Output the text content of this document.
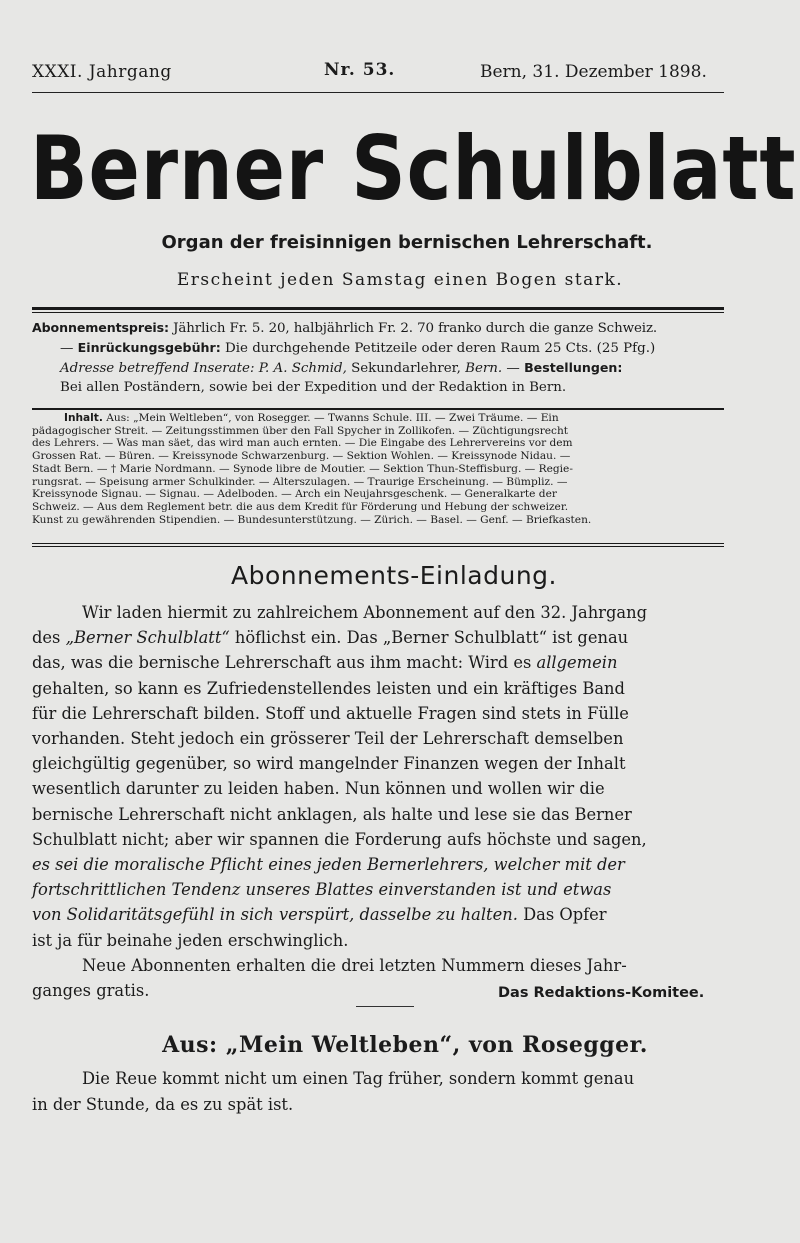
XXXI. Jahrgang	Nr. 53.	Bern, 31. Dezember 1898.
Berner Schulblatt
Organ der freisinnigen bernischen Lehrerschaft.
Erscheint jeden Samstag einen Bogen stark.
Abonnementspreis: Jährlich Fr. 5. 20, halbjährlich Fr. 2. 70 franko durch die ganze Schweiz.
— Einrückungsgebühr: Die durchgehende Petitzeile oder deren Raum 25 Cts. (25 Pfg.)
Adresse betreffend Inserate: P. A. Schmid, Sekundarlehrer, Bern. — Bestellungen:
Bei allen Poständern, sowie bei der Expedition und der Redaktion in Bern.
Inhalt. Aus: „Mein Weltleben“, von Rosegger. — Twanns Schule. III. — Zwei Träume. — Ein
pädagogischer Streit. — Zeitungsstimmen über den Fall Spycher in Zollikofen. — Züchtigungsrecht
des Lehrers. — Was man säet, das wird man auch ernten. — Die Eingabe des Lehrervereins vor dem
Grossen Rat. — Büren. — Kreissynode Schwarzenburg. — Sektion Wohlen. — Kreissynode Nidau. —
Stadt Bern. — † Marie Nordmann. — Synode libre de Moutier. — Sektion Thun-Steffisburg. — Regie-
rungsrat. — Speisung armer Schulkinder. — Alterszulagen. — Traurige Erscheinung. — Bümpliz. —
Kreissynode Signau. — Signau. — Adelboden. — Arch ein Neujahrsgeschenk. — Generalkarte der
Schweiz. — Aus dem Reglement betr. die aus dem Kredit für Förderung und Hebung der schweizer.
Kunst zu gewährenden Stipendien. — Bundesunterstützung. — Zürich. — Basel. — Genf. — Briefkasten.
Abonnements-Einladung.
Wir laden hiermit zu zahlreichem Abonnement auf den 32. Jahrgang
des „Berner Schulblatt“ höflichst ein. Das „Berner Schulblatt“ ist genau
das, was die bernische Lehrerschaft aus ihm macht: Wird es allgemein
gehalten, so kann es Zufriedenstellendes leisten und ein kräftiges Band
für die Lehrerschaft bilden. Stoff und aktuelle Fragen sind stets in Fülle
vorhanden. Steht jedoch ein grösserer Teil der Lehrerschaft demselben
gleichgültig gegenüber, so wird mangelnder Finanzen wegen der Inhalt
wesentlich darunter zu leiden haben. Nun können und wollen wir die
bernische Lehrerschaft nicht anklagen, als halte und lese sie das Berner
Schulblatt nicht; aber wir spannen die Forderung aufs höchste und sagen,
es sei die moralische Pflicht eines jeden Bernerlehrers, welcher mit der
fortschrittlichen Tendenz unseres Blattes einverstanden ist und etwas
von Solidaritätsgefühl in sich verspürt, dasselbe zu halten. Das Opfer
ist ja für beinahe jeden erschwinglich.
Neue Abonnenten erhalten die drei letzten Nummern dieses Jahr-
ganges gratis.	Das Redaktions-Komitee.
Aus: „Mein Weltleben“, von Rosegger.
Die Reue kommt nicht um einen Tag früher, sondern kommt genau
in der Stunde, da es zu spät ist.
